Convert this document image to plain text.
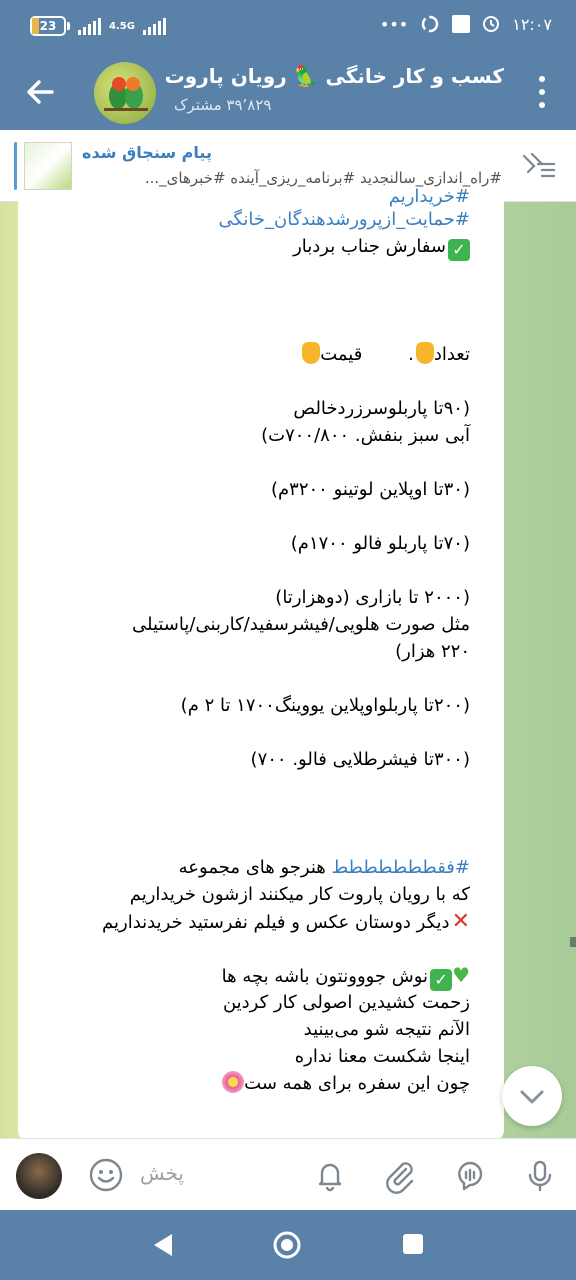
23	4.5G	•••	۱۲:۰۷
کسب و کار خانگی 🦜 رویان پاروت
۳۹٬۸۲۹ مشترک
پیام سنجاق شده
#راه_اندازی_سالنجدید #برنامه_ریزی_آینده #خبرهای_...
#خریداریم
#حمایت_ازپرورشدهندگان_خانگی
✓سفارش جناب بردبار
تعداد.        قیمت
(۹۰تا پاربلوسرزردخالص
آبی سبز بنفش. ۷۰۰/۸۰۰ت)
(۳۰تا اوپلاین لوتینو ۳۲۰۰م)
(۷۰تا پاربلو فالو ۱۷۰۰م)
(۲۰۰۰ تا بازاری (دوهزارتا)
مثل صورت هلویی/فیشرسفید/کاربنی/پاستیلی
۲۲۰ هزار)
(۲۰۰تا پاربلواوپلاین یووینگ۱۷۰۰ تا ۲ م)
(۳۰۰تا فیشرطلایی فالو. ۷۰۰)
#فقططططططط هنرجو های مجموعه
که با رویان پاروت کار میکنند ازشون خریداریم
✕دیگر دوستان عکس و فیلم نفرستید خریدنداریم
♥✓نوش جووونتون باشه بچه ها
زحمت کشیدین اصولی کار کردین
الآنم نتیجه شو می‌بینید
اینجا شکست معنا نداره
چون این سفره برای همه ست
پخش
